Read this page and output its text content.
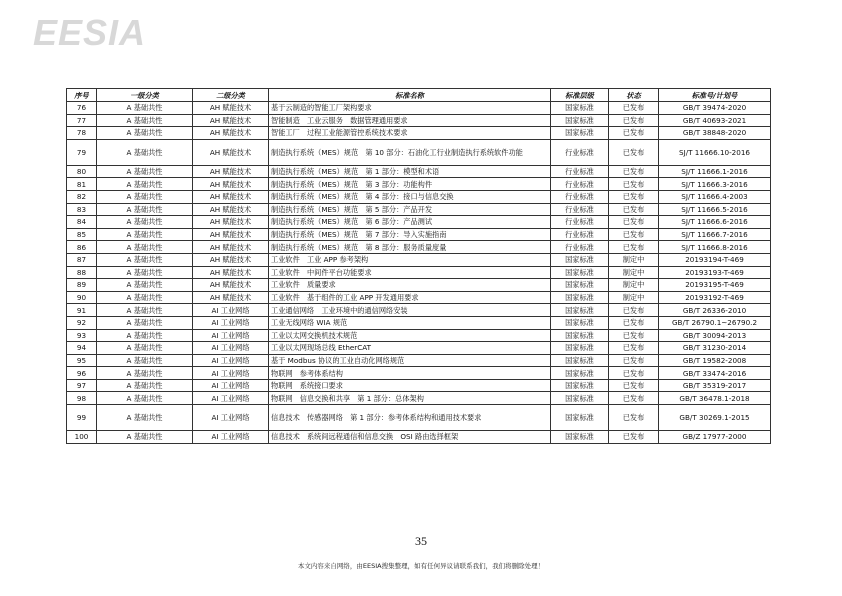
EESIA
序号	一级分类	二级分类	标准名称	标准层级	状态	标准号/计划号
76	A 基础共性	AH 赋能技术	基于云制造的智能工厂架构要求	国家标准	已发布	GB/T 39474-2020
77	A 基础共性	AH 赋能技术	智能制造　工业云服务　数据管理通用要求	国家标准	已发布	GB/T 40693-2021
78	A 基础共性	AH 赋能技术	智能工厂　过程工业能源管控系统技术要求	国家标准	已发布	GB/T 38848-2020
79	A 基础共性	AH 赋能技术	制造执行系统（MES）规范　第 10 部分：石油化工行业制造执行系统软件功能	行业标准	已发布	SJ/T 11666.10-2016
80	A 基础共性	AH 赋能技术	制造执行系统（MES）规范　第 1 部分：模型和术语	行业标准	已发布	SJ/T 11666.1-2016
81	A 基础共性	AH 赋能技术	制造执行系统（MES）规范　第 3 部分：功能构件	行业标准	已发布	SJ/T 11666.3-2016
82	A 基础共性	AH 赋能技术	制造执行系统（MES）规范　第 4 部分：接口与信息交换	行业标准	已发布	SJ/T 11666.4-2003
83	A 基础共性	AH 赋能技术	制造执行系统（MES）规范　第 5 部分：产品开发	行业标准	已发布	SJ/T 11666.5-2016
84	A 基础共性	AH 赋能技术	制造执行系统（MES）规范　第 6 部分：产品测试	行业标准	已发布	SJ/T 11666.6-2016
85	A 基础共性	AH 赋能技术	制造执行系统（MES）规范　第 7 部分：导入实施指南	行业标准	已发布	SJ/T 11666.7-2016
86	A 基础共性	AH 赋能技术	制造执行系统（MES）规范　第 8 部分：服务质量度量	行业标准	已发布	SJ/T 11666.8-2016
87	A 基础共性	AH 赋能技术	工业软件　工业 APP 参考架构	国家标准	制定中	20193194-T-469
88	A 基础共性	AH 赋能技术	工业软件　中间件平台功能要求	国家标准	制定中	20193193-T-469
89	A 基础共性	AH 赋能技术	工业软件　质量要求	国家标准	制定中	20193195-T-469
90	A 基础共性	AH 赋能技术	工业软件　基于组件的工业 APP 开发通用要求	国家标准	制定中	20193192-T-469
91	A 基础共性	AI 工业网络	工业通信网络　工业环境中的通信网络安装	国家标准	已发布	GB/T 26336-2010
92	A 基础共性	AI 工业网络	工业无线网络 WIA 规范	国家标准	已发布	GB/T 26790.1~26790.2
93	A 基础共性	AI 工业网络	工业以太网交换机技术规范	国家标准	已发布	GB/T 30094-2013
94	A 基础共性	AI 工业网络	工业以太网现场总线 EtherCAT	国家标准	已发布	GB/T 31230-2014
95	A 基础共性	AI 工业网络	基于 Modbus 协议的工业自动化网络规范	国家标准	已发布	GB/T 19582-2008
96	A 基础共性	AI 工业网络	物联网　参考体系结构	国家标准	已发布	GB/T 33474-2016
97	A 基础共性	AI 工业网络	物联网　系统接口要求	国家标准	已发布	GB/T 35319-2017
98	A 基础共性	AI 工业网络	物联网　信息交换和共享　第 1 部分：总体架构	国家标准	已发布	GB/T 36478.1-2018
99	A 基础共性	AI 工业网络	信息技术　传感器网络　第 1 部分：参考体系结构和通用技术要求	国家标准	已发布	GB/T 30269.1-2015
100	A 基础共性	AI 工业网络	信息技术　系统间远程通信和信息交换　OSI 路由选择框架	国家标准	已发布	GB/Z 17977-2000
35
本文内容来自网络，由EESIA搜集整理，如有任何异议请联系我们，我们将删除处理！
